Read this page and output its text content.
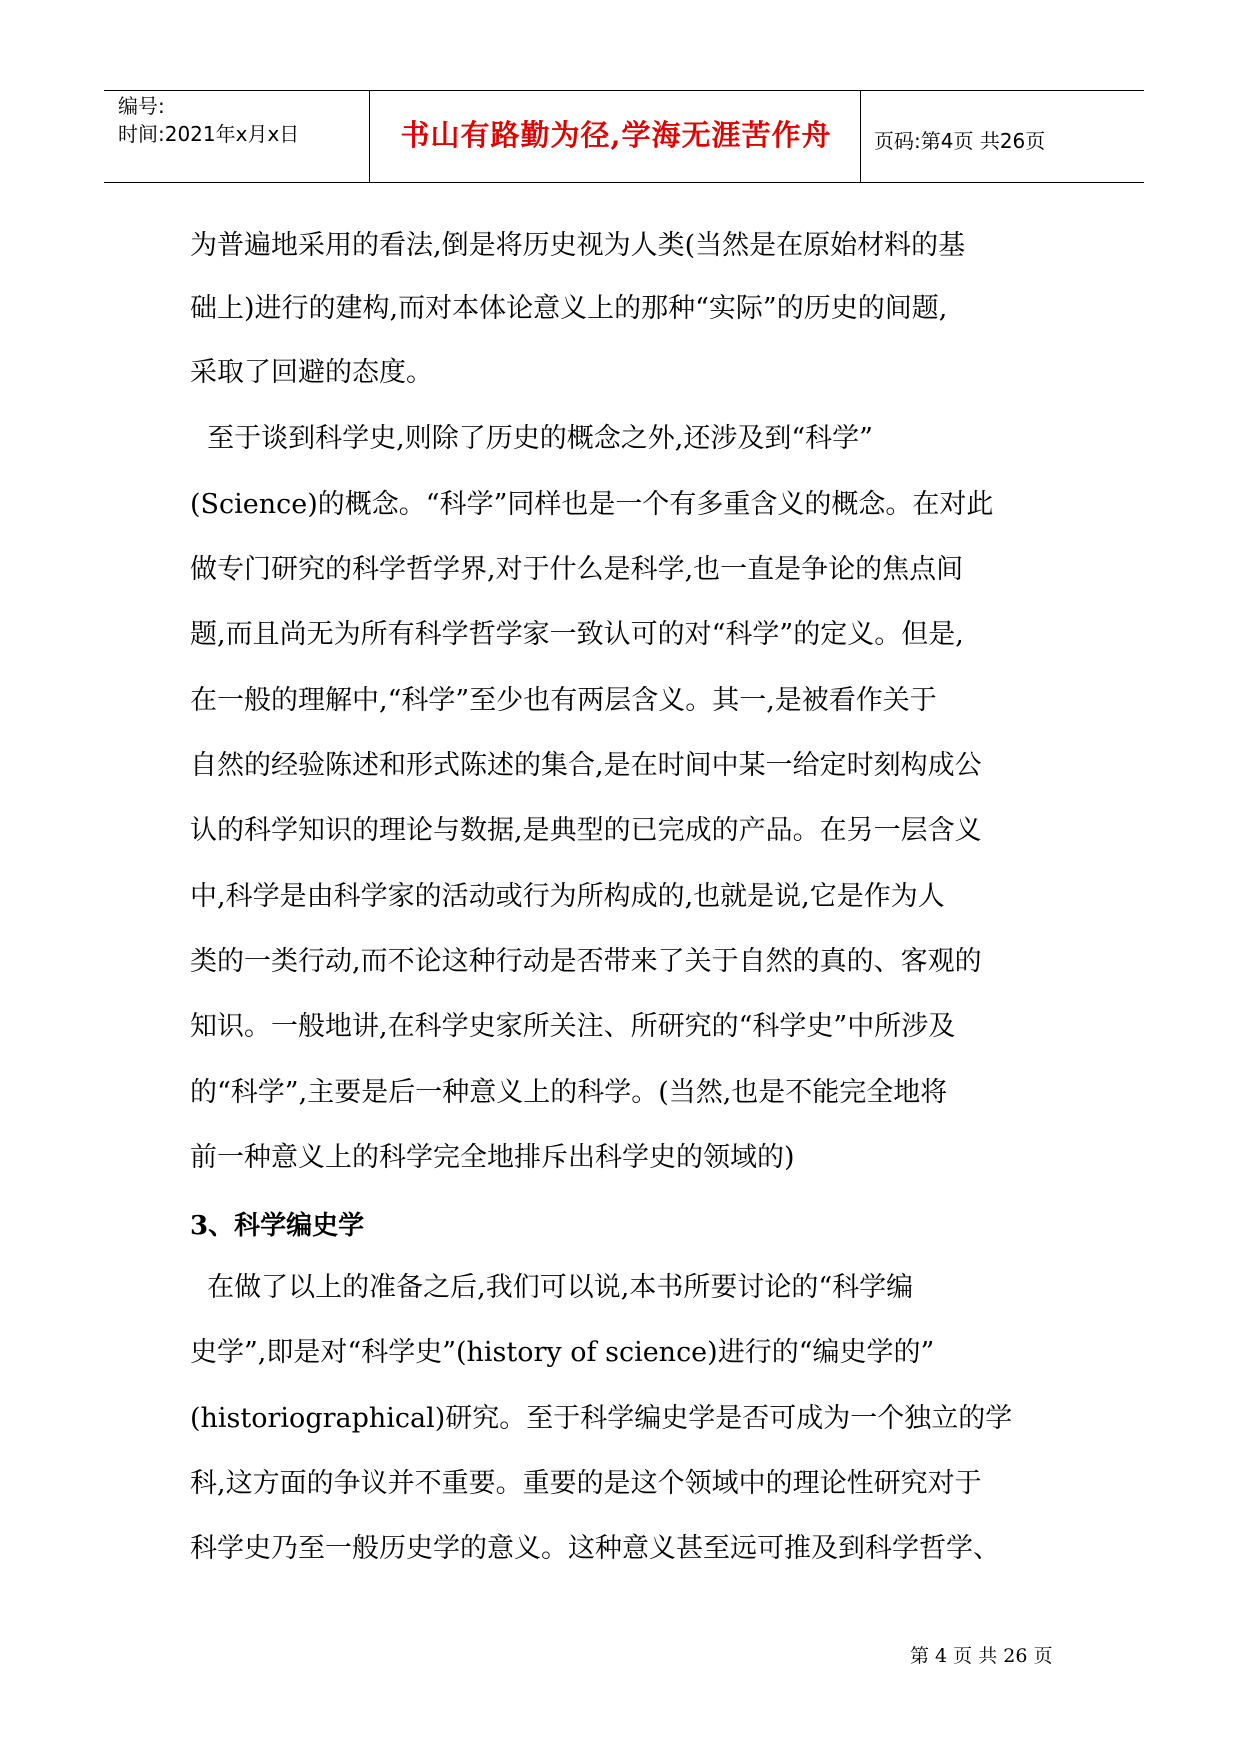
编号:
时间:2021年x月x日	书山有路勤为径,学海无涯苦作舟	页码:第4页 共26页
为普遍地采用的看法,倒是将历史视为人类(当然是在原始材料的基
础上)进行的建构,而对本体论意义上的那种“实际”的历史的间题,
采取了回避的态度。
至于谈到科学史,则除了历史的概念之外,还涉及到“科学”
(Science)的概念。“科学”同样也是一个有多重含义的概念。在对此
做专门研究的科学哲学界,对于什么是科学,也一直是争论的焦点间
题,而且尚无为所有科学哲学家一致认可的对“科学”的定义。但是,
在一般的理解中,“科学”至少也有两层含义。其一,是被看作关于
自然的经验陈述和形式陈述的集合,是在时间中某一给定时刻构成公
认的科学知识的理论与数据,是典型的已完成的产品。在另一层含义
中,科学是由科学家的活动或行为所构成的,也就是说,它是作为人
类的一类行动,而不论这种行动是否带来了关于自然的真的、客观的
知识。一般地讲,在科学史家所关注、所研究的“科学史”中所涉及
的“科学”,主要是后一种意义上的科学。(当然,也是不能完全地将
前一种意义上的科学完全地排斥出科学史的领域的)
3、科学编史学
在做了以上的准备之后,我们可以说,本书所要讨论的“科学编
史学”,即是对“科学史”(history of science)进行的“编史学的”
(historiographical)研究。至于科学编史学是否可成为一个独立的学
科,这方面的争议并不重要。重要的是这个领域中的理论性研究对于
科学史乃至一般历史学的意义。这种意义甚至远可推及到科学哲学、
第 4 页 共 26 页
